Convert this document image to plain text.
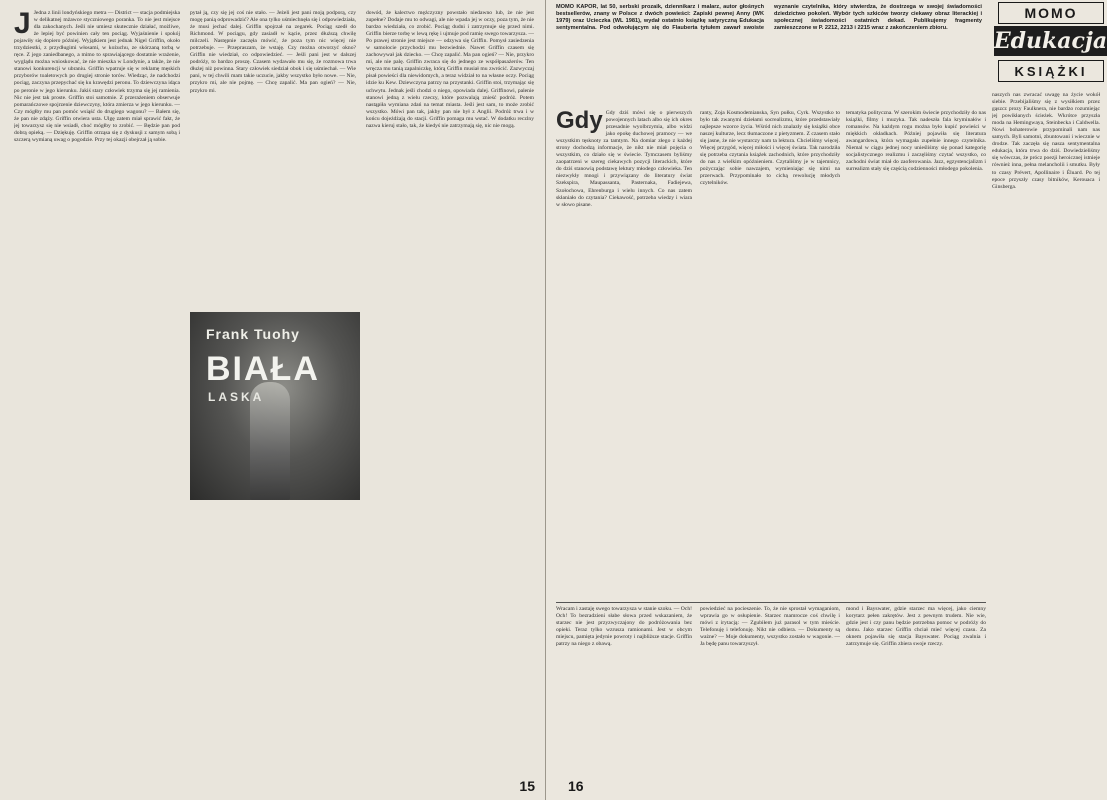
J Jedna z linii londyńskiego metra — District — stacja podmiejska w delikatnej mżawce styczniowego poranka. To nie jest miejsce dla zakochanych. Jeśli nie umiesz skutecznie działać, możliwe, że lepiej być powinien cały ten pociąg. Wyjaśnienie i spokój pojawiły się dopiero później. Wyjątkiem jest jednak Nigel Griffin, około trzydziestki, z przydługimi włosami, w kożuchu, ze skórzaną torbą w ręce. Z jego zaniedbanego, a mimo to sprawiającego dostatnie wrażenie, wyglądu można wnioskować, że nie mieszka w Londynie, a także, że nie stanowi konkurencji w ubraniu. Griffin wpatruje się w reklamę męskich przyborów toaletowych po drugiej stronie torów. Wiedząc, że nadchodzi pociąg, zaczyna przepychać się ku krawędzi peronu. To dziewczyna idąca po peronie w jego kierunku. Jakiś stary człowiek trzyma się jej ramienia. Nic nie jest tak proste. Griffin stoi samotnie. Z przerażeniem obserwuje pomarańczowe spojrzenie dziewczyny, która zmierza w jego kierunku. — Czy mógłby mu pan pomóc wsiąść do drugiego wagonu? — Bałem się, że pan nie zdąży. Griffin otwiera usta. Ulgę zatem miał sprawić fakt, że jej towarzysz się nie wsiadł, choć mógłby to zrobić. — Będzie pan pod dobrą opieką. — Dziękuję. Griffin otrząsa się z dyskusji z samym sobą i szczerą wymianą uwag o pogodzie. Przy tej okazji obejrzał ją sobie.
pytał ją, czy się jej coś nie stało. — Jeżeli jest pani moją podporą, czy mogę panią odprowadzić? Ale ona tylko uśmiechnęła się i odpowiedziała, że musi jechać dalej. Griffin spojrzał na zegarek. Pociąg szedł do Richmond. W pociągu, gdy zasiadł w kącie, przez dłuższą chwilę milczeli. Następnie zaczęła mówić, że poza tym nic więcej nie potrzebuje. — Przepraszam, że wstaję. Czy można otworzyć okno? Griffin nie wiedział, co odpowiedzieć. — Jeśli pani jest w dalszej podróży, to bardzo proszę. Czasem wydawało mu się, że rozmowa trwa dłużej niż powinna. Stary człowiek siedział obok i się uśmiechał. — Wie pani, w tej chwili mam takie uczucie, jakby wszystko było nowe. — Nie, przykro mi, ale nie pojmę. — Chcę zapalić. Ma pan ogień? — Nie, przykro mi.
Frank Tuohy
BIAŁA
LASKA
dowód, że kalectwo mężczyzny powstało niedawno lub, że nie jest zupełne? Dodaje mu to odwagi, ale nie wpada jej w oczy, poza tym, że nie bardzo wiedziała, co zrobić. Pociąg dudni i zatrzymuje się przed nimi. Griffin bierze torbę w lewą rękę i ujmuje pod ramię swego towarzysza. — Po prawej stronie jest miejsce — odzywa się Griffin. Pomysł zasiedzenia w samolocie przychodzi mu bezwiednie. Nawet Griffin czasem się zachowywał jak dziecko. — Chcę zapalić. Ma pan ogień? — Nie, przykro mi, ale nie palę. Griffin zwraca się do jednego ze współpasażerów. Ten wręcza mu tanią zapalniczkę, którą Griffin musiał mu zwrócić. Zazwyczaj pisał powieści dla niewidomych, a teraz widział to na własne oczy. Pociąg idzie ku Kew. Dziewczyna patrzy na przystanki. Griffin stoi, trzymając się uchwytu. Jednak jeśli chodzi o niego, opowiada dalej. Griffinowi, palenie stanowi jedną z wielu rzeczy, które pozwalają znieść podróż. Potem nastąpiła wymiana zdań na temat miasta. Jeśli jest sam, to może zrobić wszystko. Mówi pan tak, jakby pan nie był z Anglii. Podróż trwa i w końcu dojeżdżają do stacji. Griffin pomaga mu wstać. W dodatku reczlny nazwa kieruj stało, tak, że kiedyś nie zatrzymają się, nic nie mogą.
15
MOMO KAPOR, lat 50, serbski prozaik, dziennikarz i malarz, autor głośnych bestsellerów, znany w Polsce z dwóch powieści: Zapiski pewnej Anny (WK 1979) oraz Ucieczka (WL 1981), wydał ostatnio książkę satyryczną Edukacja sentymentalna. Pod odwołującym się do Flauberta tytułem zawarł swoiste wyznanie czytelnika, który stwierdza, że dostrzega w swojej świadomości dziedzictwo pokoleń. Wybór tych szkiców tworzy ciekawy obraz literackiej i społecznej świadomości ostatnich dekad. Publikujemy fragmenty zamieszczone w P. 2212, 2213 i 2215 wraz z zakończeniem zbioru.
MOMO
Edukacja
KSIĄŻKI
Gdy Gdy dziś mówi się o pierwszych powojennych latach albo się ich okres przesadnie wyolbrzymia, albo widzi jako epokę duchowej pramocy — we wszystkim tęsknoty za tamtym. Na domiar złego z każdej strony dochodzą informacje, że nikt nie miał pojęcia o wszystkim, co działo się w świecie. Tymczasem byliśmy zaopatrzeni w szereg ciekawych pozycji literackich, które do dziś stanowią podstawę lektury młodego człowieka. Ten niezwykły mnogi i przywiązany do literatury świat Szekspira, Maupassanta, Pasternaka, Fadiejewa, Szołochowa, Ehrenburga i wielu innych. Co nas zatem skłaniało do czytania? Ciekawość, potrzeba wiedzy i wiara w słowo pisane.
ranty, Zoja Kosmodemianska, Syn pułku, Cyrk. Wszystko to było tak zwanymi dziełami socrealizmu, które przedstawiały najlepsze wzorce życia. Wśród nich znalazły się książki obce naszej kulturze, lecz tłumaczone z pietyzmem. Z czasem stało się jasne, że nie wystarczy nam ta lektura. Chcieliśmy więcej. Więcej przygód, więcej miłości i więcej świata. Tak narodziła się potrzeba czytania książek zachodnich, które przychodziły do nas z wielkim opóźnieniem. Czytaliśmy je w tajemnicy, pożyczając sobie nawzajem, wymieniając się nimi na przerwach. Przypominało to cichą rewolucję młodych czytelników.
tematyka polityczna. W szerokim świecie przychodziły do nas książki, filmy i muzyka. Tak nadeszła fala kryminałów i romansów. Na każdym rogu można było kupić powieści w miękkich okładkach. Później pojawiła się literatura awangardowa, która wymagała zupełnie innego czytelnika. Niemal w ciągu jednej nocy unieśliśmy się ponad kategorię socjalistycznego realizmu i zaczęliśmy czytać wszystko, co zachodni świat miał do zaoferowania. Jazz, egzystencjalizm i surrealizm stały się częścią codzienności młodego pokolenia.
naszych nas zwracać uwagę na życie wokół siebie. Przebijaliśmy się z wysiłkiem przez gąszcz prozy Faulknera, nie bardzo rozumiejąc jej powikłanych ścieżek. Wkrótce przyszła moda na Hemingwaya, Steinbecka i Caldwella. Nowi bohaterowie przypominali nam nas samych. Byli samotni, zbuntowani i wiecznie w drodze. Tak zaczęła się nasza sentymentalna edukacja, która trwa do dziś. Dowiedzieliśmy się wówczas, że prócz poezji heroicznej istnieje również inna, pełna melancholii i smutku. Były to czasy Prévert, Apollinaire i Éluard. Po tej epoce przyszły czasy bitników, Kerouaca i Ginsberga.
Wracam i zastaję swego towarzysza w stanie szoku. — Och! Och! To bezradzieni słabe słowa przed wskazaniem, że starzec nie jest przyzwyczajony do podróżowania bez opieki. Teraz tylko wzrusza ramionami. Jest w obcym miejscu, pamięta jedynie powroty i najbliższe stacje. Griffin patrzy na niego z obawą.
powiedzieć na pocieszenie. To, że nie sprostał wymaganiom, wprawia go w osłupienie. Starzec mamrocze coś chwilę i mówi z irytacją: — Zgubiłem już parasol w tym mieście. Telefonuję i telefonuję. Nikt nie odbiera. — Dokumenty są ważne? — Moje dokumenty, wszystko zostało w wagonie. — Ja będę panu towarzyszył.
mond i Bayswater, gdzie starzec ma więcej, jako ciemny korytarz pełen zakrętów. Jest z pewnym trudem. Nie wie, gdzie jest i czy panu będzie potrzebna pomoc w podróży do domu. Jako starzec Griffin chciał mieć więcej czasu. Za oknem pojawiła się stacja Bayswater. Pociąg zwalnia i zatrzymuje się. Griffin zbiera swoje rzeczy.
16
